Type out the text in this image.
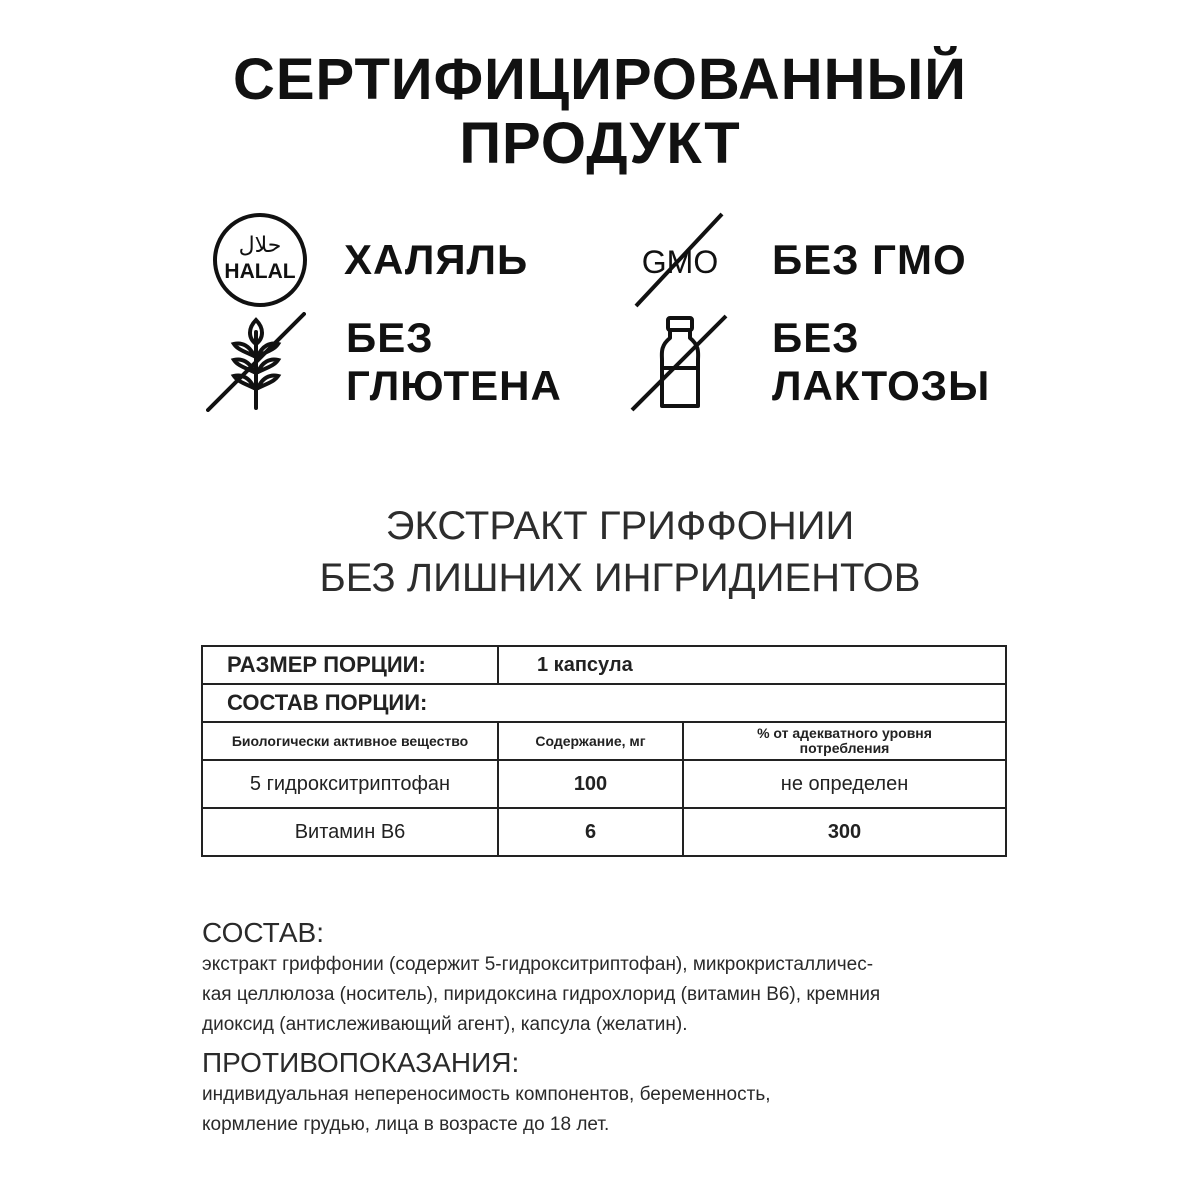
СЕРТИФИЦИРОВАННЫЙ
ПРОДУКТ
حلال
HALAL ХАЛЯЛЬ	GMO БЕЗ ГМО
БЕЗ
ГЛЮТЕНА
БЕЗ
ЛАКТОЗЫ
ЭКСТРАКТ ГРИФФОНИИ
БЕЗ ЛИШНИХ ИНГРИДИЕНТОВ
РАЗМЕР ПОРЦИИ:	1 капсула	
СОСТАВ ПОРЦИИ:		
Биологически активное вещество	Содержание, мг	% от адекватного уровня потребления
5 гидрокситриптофан	100	не определен
Витамин В6	6	300
СОСТАВ:
экстракт гриффонии (содержит 5-гидрокситриптофан), микрокристалличес-
кая целлюлоза (носитель), пиридоксина гидрохлорид (витамин В6), кремния
диоксид (антислеживающий агент), капсула (желатин).
ПРОТИВОПОКАЗАНИЯ:
индивидуальная непереносимость компонентов, беременность,
кормление грудью, лица в возрасте до 18 лет.
